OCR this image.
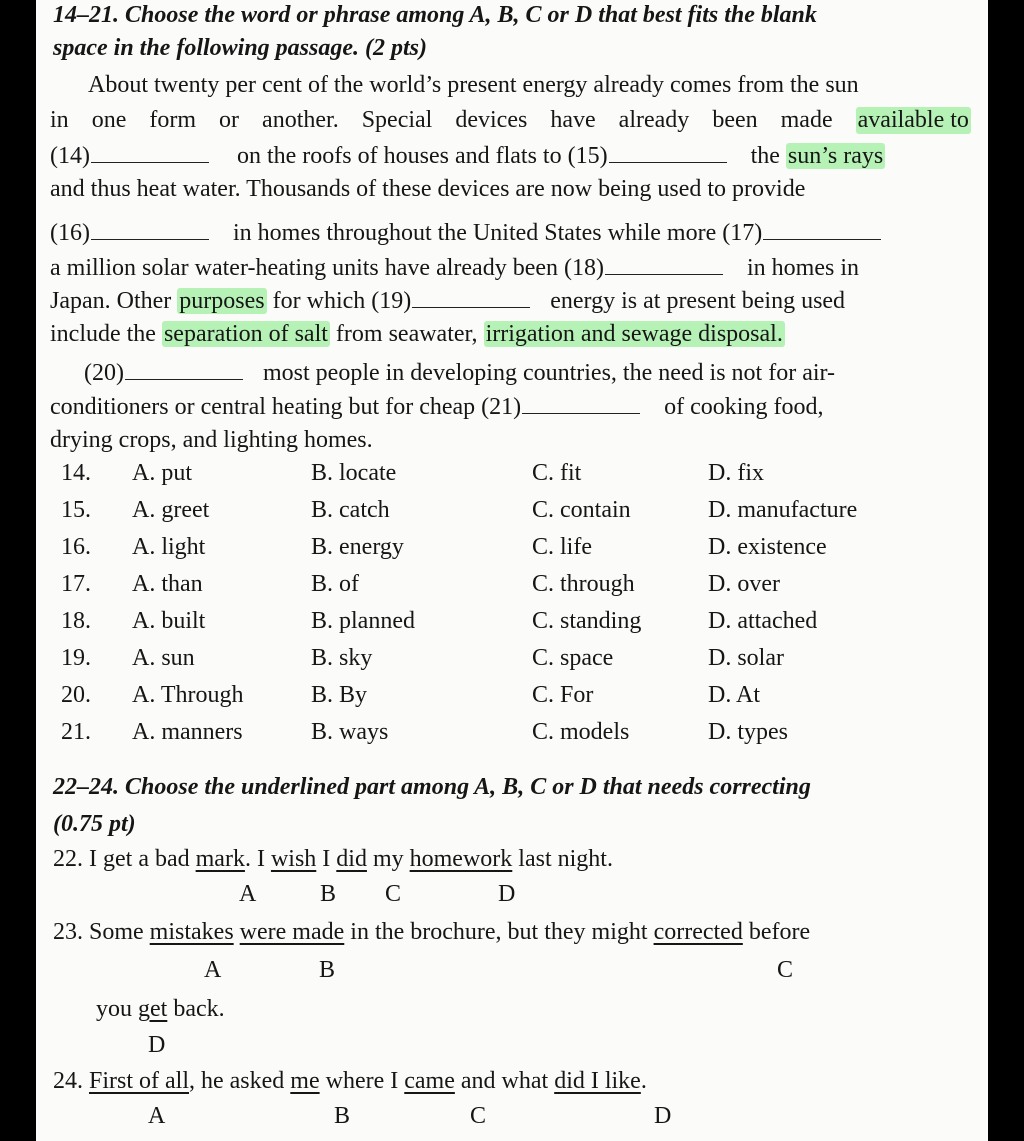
14–21. Choose the word or phrase among A, B, C or D that best fits the blank
space in the following passage. (2 pts)
About twenty per cent of the world’s present energy already comes from the sun
in one form or another. Special devices have already been made available to
(14)	on the roofs of houses and flats to (15)	the sun’s rays
and thus heat water. Thousands of these devices are now being used to provide
(16)	in homes throughout the United States while more (17)
a million solar water-heating units have already been (18)	in homes in
Japan. Other purposes for which (19)	energy is at present being used
include the separation of salt from seawater, irrigation and sewage disposal.
(20)	most people in developing countries, the need is not for air-
conditioners or central heating but for cheap (21)	of cooking food,
drying crops, and lighting homes.
14. A. put	B. locate	C. fit	D. fix
15. A. greet	B. catch	C. contain	D. manufacture
16. A. light	B. energy	C. life	D. existence
17. A. than	B. of	C. through	D. over
18. A. built	B. planned	C. standing	D. attached
19. A. sun	B. sky	C. space	D. solar
20. A. Through	B. By	C. For	D. At
21. A. manners	B. ways	C. models	D. types
22–24. Choose the underlined part among A, B, C or D that needs correcting
(0.75 pt)
22. I get a bad mark. I wish I did my homework last night.
A	B C	D
23. Some mistakes were made in the brochure, but they might corrected before
A	B	C
you get back.
D
24. First of all, he asked me where I came and what did I like.
A	B	C	D
